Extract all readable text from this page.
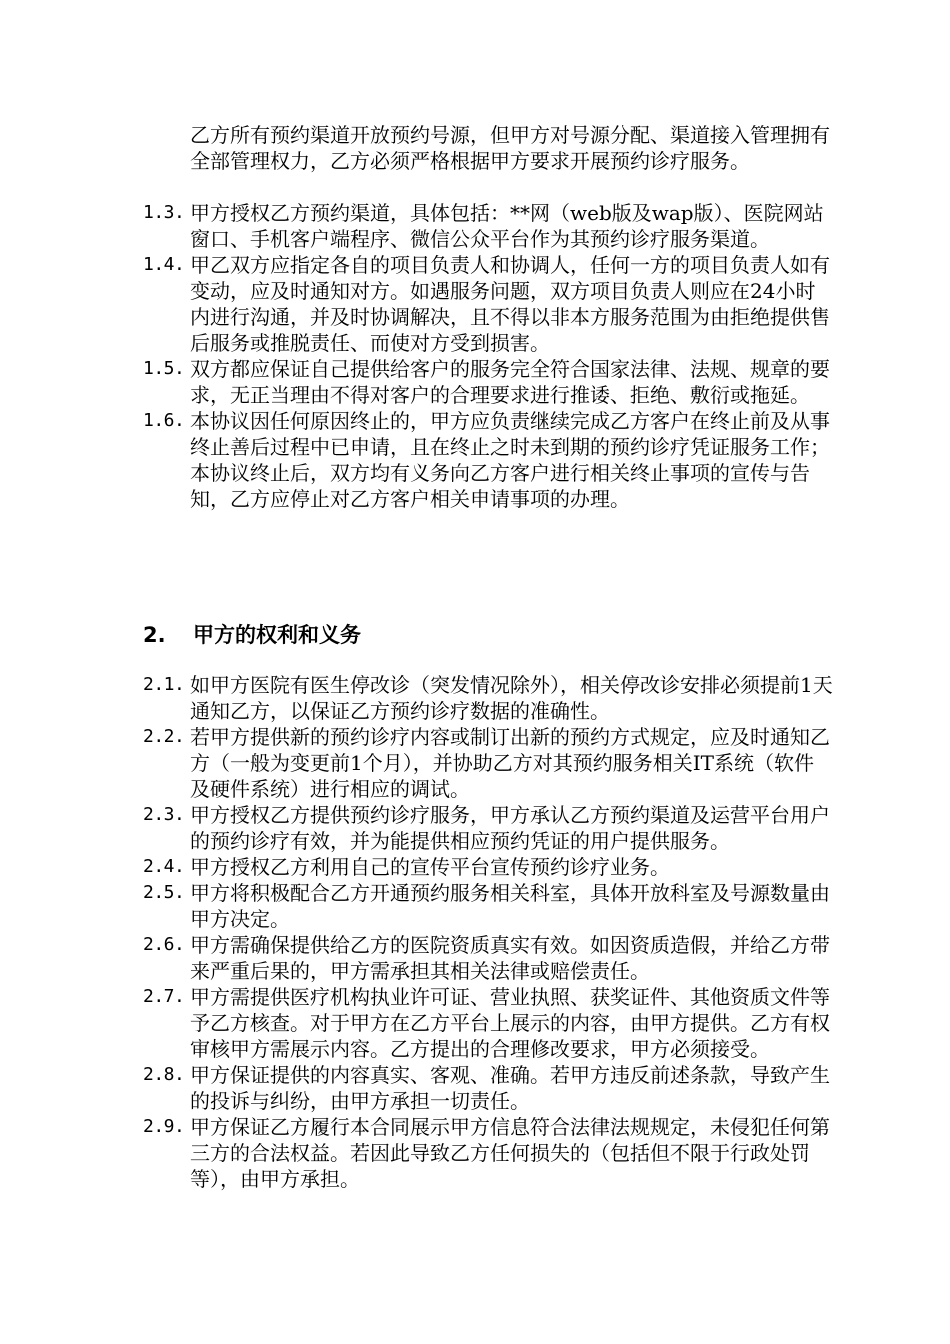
乙方所有预约渠道开放预约号源，但甲方对号源分配、渠道接入管理拥有全部管理权力，乙方必须严格根据甲方要求开展预约诊疗服务。

1.3. 甲方授权乙方预约渠道，具体包括：**网（web版及wap版）、医院网站窗口、手机客户端程序、微信公众平台作为其预约诊疗服务渠道。
1.4. 甲乙双方应指定各自的项目负责人和协调人，任何一方的项目负责人如有变动，应及时通知对方。如遇服务问题，双方项目负责人则应在24小时内进行沟通，并及时协调解决，且不得以非本方服务范围为由拒绝提供售后服务或推脱责任、而使对方受到损害。
1.5. 双方都应保证自己提供给客户的服务完全符合国家法律、法规、规章的要求，无正当理由不得对客户的合理要求进行推诿、拒绝、敷衍或拖延。
1.6. 本协议因任何原因终止的，甲方应负责继续完成乙方客户在终止前及从事终止善后过程中已申请，且在终止之时未到期的预约诊疗凭证服务工作；本协议终止后，双方均有义务向乙方客户进行相关终止事项的宣传与告知，乙方应停止对乙方客户相关申请事项的办理。
2. 甲方的权利和义务
2.1. 如甲方医院有医生停改诊（突发情况除外），相关停改诊安排必须提前1天通知乙方，以保证乙方预约诊疗数据的准确性。
2.2. 若甲方提供新的预约诊疗内容或制订出新的预约方式规定，应及时通知乙方（一般为变更前1个月），并协助乙方对其预约服务相关IT系统（软件及硬件系统）进行相应的调试。
2.3. 甲方授权乙方提供预约诊疗服务，甲方承认乙方预约渠道及运营平台用户的预约诊疗有效，并为能提供相应预约凭证的用户提供服务。
2.4. 甲方授权乙方利用自己的宣传平台宣传预约诊疗业务。
2.5. 甲方将积极配合乙方开通预约服务相关科室，具体开放科室及号源数量由甲方决定。
2.6. 甲方需确保提供给乙方的医院资质真实有效。如因资质造假，并给乙方带来严重后果的，甲方需承担其相关法律或赔偿责任。
2.7. 甲方需提供医疗机构执业许可证、营业执照、获奖证件、其他资质文件等予乙方核查。对于甲方在乙方平台上展示的内容，由甲方提供。乙方有权审核甲方需展示内容。乙方提出的合理修改要求，甲方必须接受。
2.8. 甲方保证提供的内容真实、客观、准确。若甲方违反前述条款，导致产生的投诉与纠纷，由甲方承担一切责任。
2.9. 甲方保证乙方履行本合同展示甲方信息符合法律法规规定，未侵犯任何第三方的合法权益。若因此导致乙方任何损失的（包括但不限于行政处罚等），由甲方承担。
